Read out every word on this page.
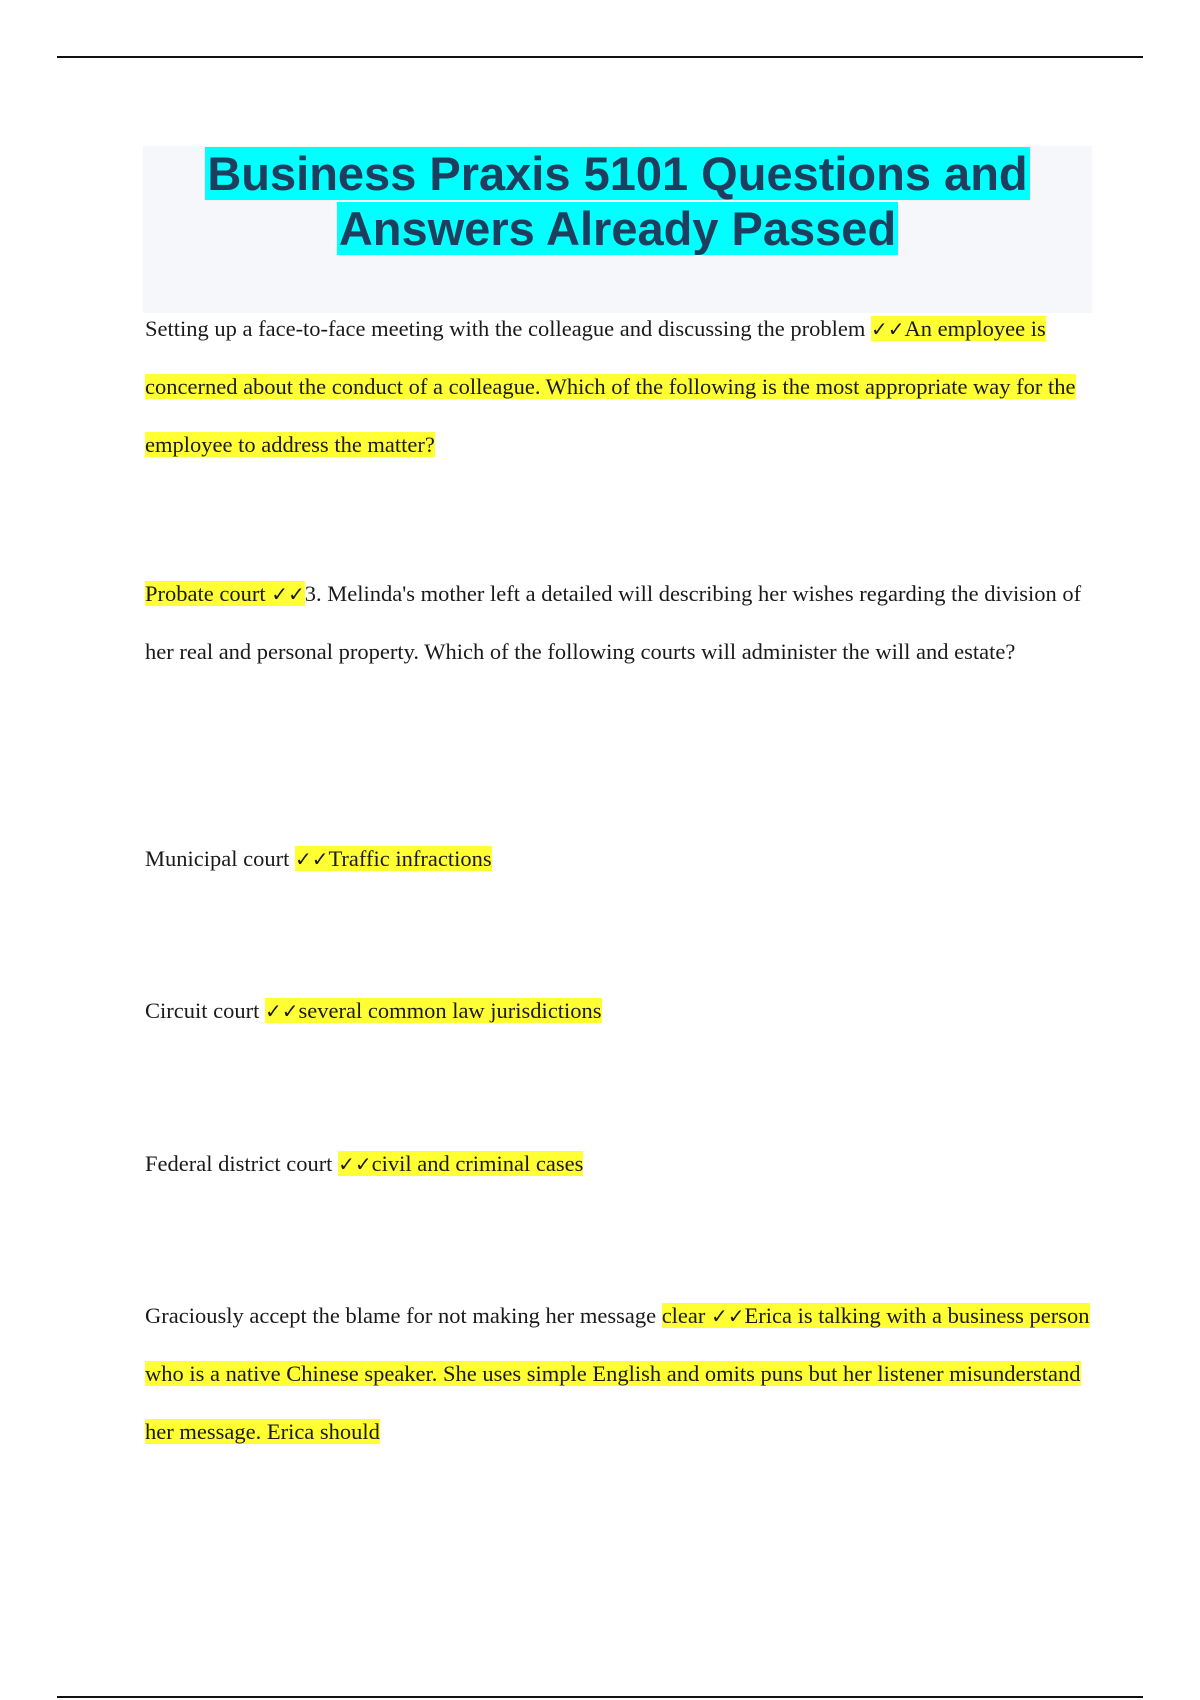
Business Praxis 5101 Questions and
Answers Already Passed

Setting up a face-to-face meeting with the colleague and discussing the problem ✓✓An employee is concerned about the conduct of a colleague. Which of the following is the most appropriate way for the employee to address the matter?

Probate court ✓✓3. Melinda's mother left a detailed will describing her wishes regarding the division of her real and personal property. Which of the following courts will administer the will and estate?

Municipal court ✓✓Traffic infractions

Circuit court ✓✓several common law jurisdictions

Federal district court ✓✓civil and criminal cases

Graciously accept the blame for not making her message clear ✓✓Erica is talking with a business person who is a native Chinese speaker. She uses simple English and omits puns but her listener misunderstand her message. Erica should
